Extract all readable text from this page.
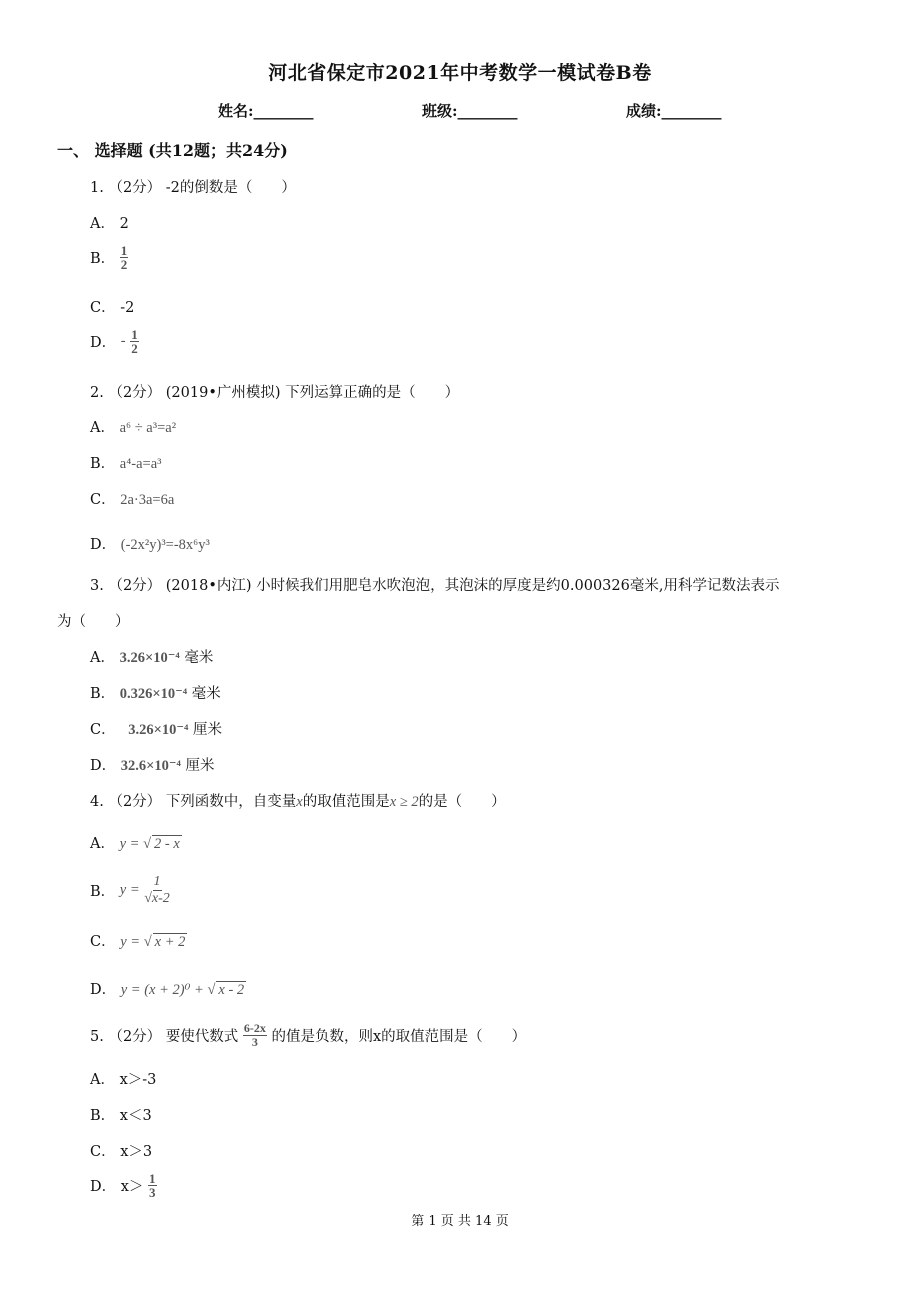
河北省保定市2021年中考数学一模试卷B卷
姓名:________	班级:________	成绩:________
一、 选择题 (共12题；共24分)
1. （2分） -2的倒数是（　　）
A． 2
B． $\frac{1}{2}$
C． -2
D． - $\frac{1}{2}$
2. （2分） (2019•广州模拟) 下列运算正确的是（　　）
A． a⁶ ÷ a³=a²
B． a⁴-a=a³
C． 2a·3a=6a
D． (-2x²y)³=-8x⁶y³
3. （2分） (2018•内江) 小时候我们用肥皂水吹泡泡，其泡沫的厚度是约0.000326毫米,用科学记数法表示
为（　　）
A． 3.26×10⁻⁴ 毫米
B． 0.326×10⁻⁴ 毫米
C． 3.26×10⁻⁴ 厘米
D． 32.6×10⁻⁴ 厘米
4. （2分） 下列函数中，自变量x的取值范围是x ≥ 2的是（　　）
A． y = √ 2 - x
B． $y = \frac{1}{√x-2}$
C． y = √ x + 2
D． y = (x + 2)⁰ + √ x - 2
5. （2分） 要使代数式 $\frac{6-2x}{3}$ 的值是负数，则x的取值范围是（　　）
A． x＞-3
B． x＜3
C． x＞3
D． $x> \frac{1}{3}$
第 1 页 共 14 页
